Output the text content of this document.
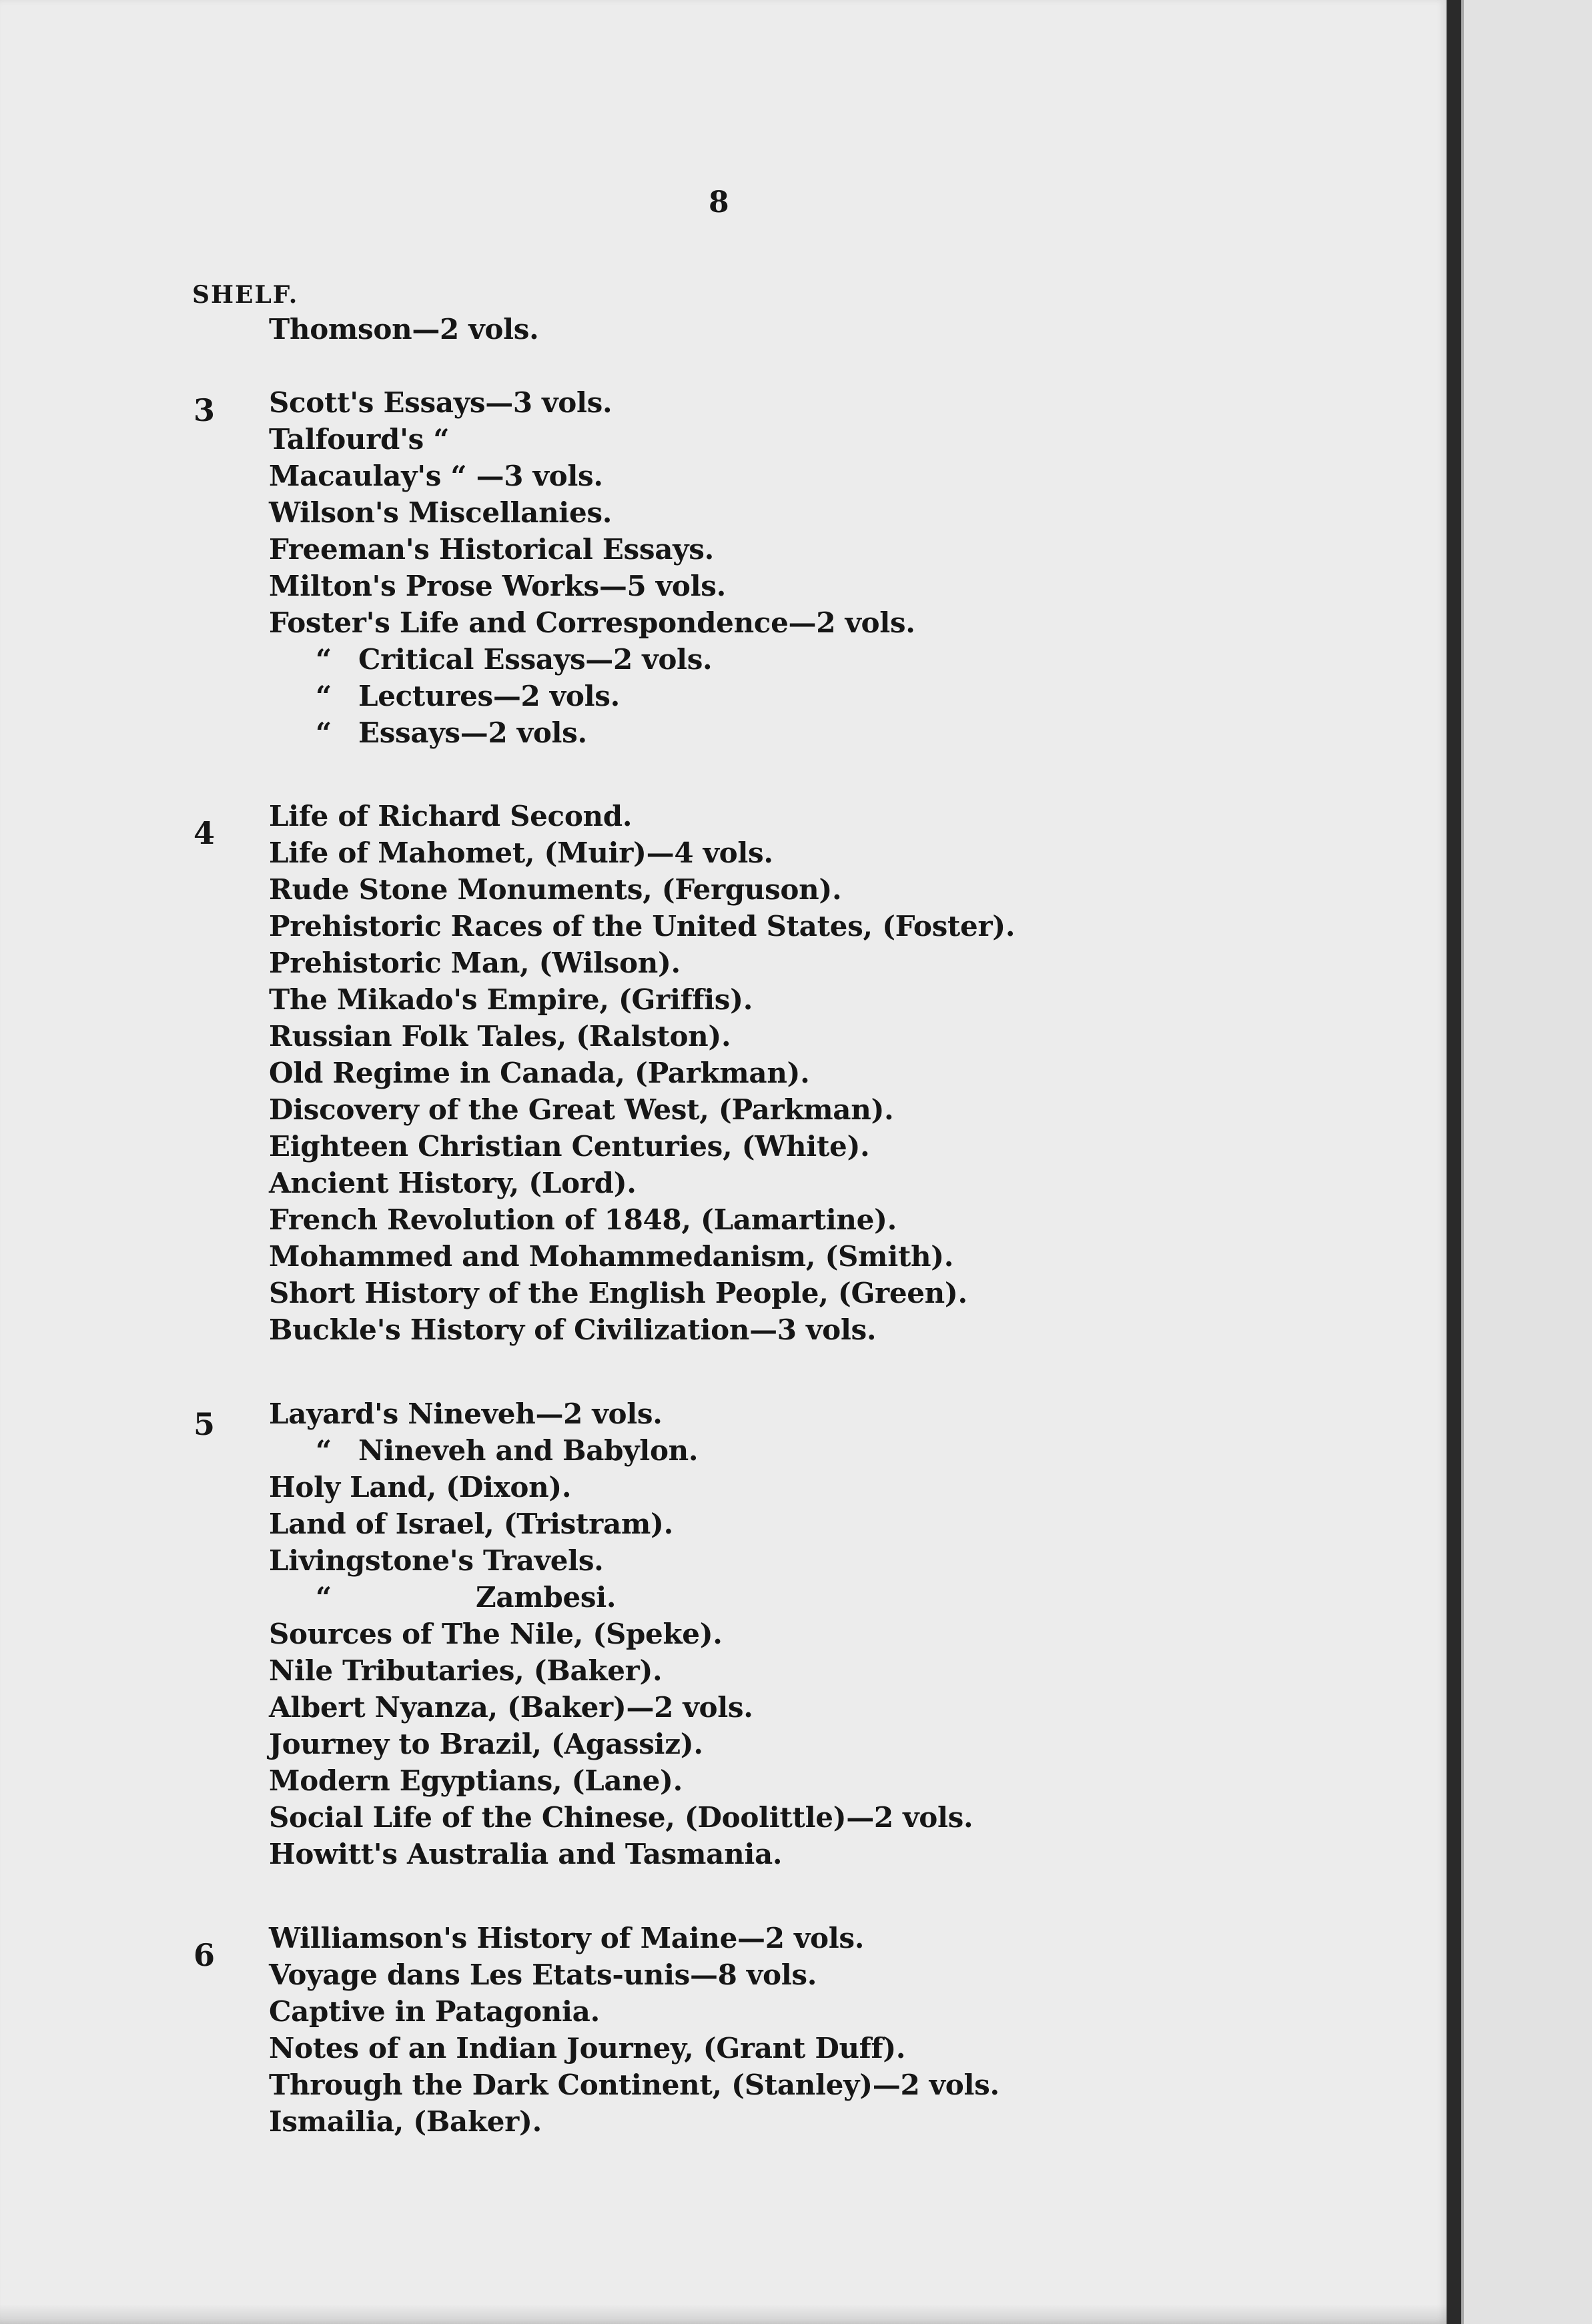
8
SHELF.
Thomson—2 vols.
3 Scott's Essays—3 vols.
Talfourd's “
Macaulay's “ —3 vols.
Wilson's Miscellanies.
Freeman's Historical Essays.
Milton's Prose Works—5 vols.
Foster's Life and Correspondence—2 vols.
“ Critical Essays—2 vols.
“ Lectures—2 vols.
“ Essays—2 vols.
4 Life of Richard Second.
Life of Mahomet, (Muir)—4 vols.
Rude Stone Monuments, (Ferguson).
Prehistoric Races of the United States, (Foster).
Prehistoric Man, (Wilson).
The Mikado's Empire, (Griffis).
Russian Folk Tales, (Ralston).
Old Regime in Canada, (Parkman).
Discovery of the Great West, (Parkman).
Eighteen Christian Centuries, (White).
Ancient History, (Lord).
French Revolution of 1848, (Lamartine).
Mohammed and Mohammedanism, (Smith).
Short History of the English People, (Green).
Buckle's History of Civilization—3 vols.
5 Layard's Nineveh—2 vols.
“ Nineveh and Babylon.
Holy Land, (Dixon).
Land of Israel, (Tristram).
Livingstone's Travels.
“	Zambesi.
Sources of The Nile, (Speke).
Nile Tributaries, (Baker).
Albert Nyanza, (Baker)—2 vols.
Journey to Brazil, (Agassiz).
Modern Egyptians, (Lane).
Social Life of the Chinese, (Doolittle)—2 vols.
Howitt's Australia and Tasmania.
6 Williamson's History of Maine—2 vols.
Voyage dans Les Etats-unis—8 vols.
Captive in Patagonia.
Notes of an Indian Journey, (Grant Duff).
Through the Dark Continent, (Stanley)—2 vols.
Ismailia, (Baker).
